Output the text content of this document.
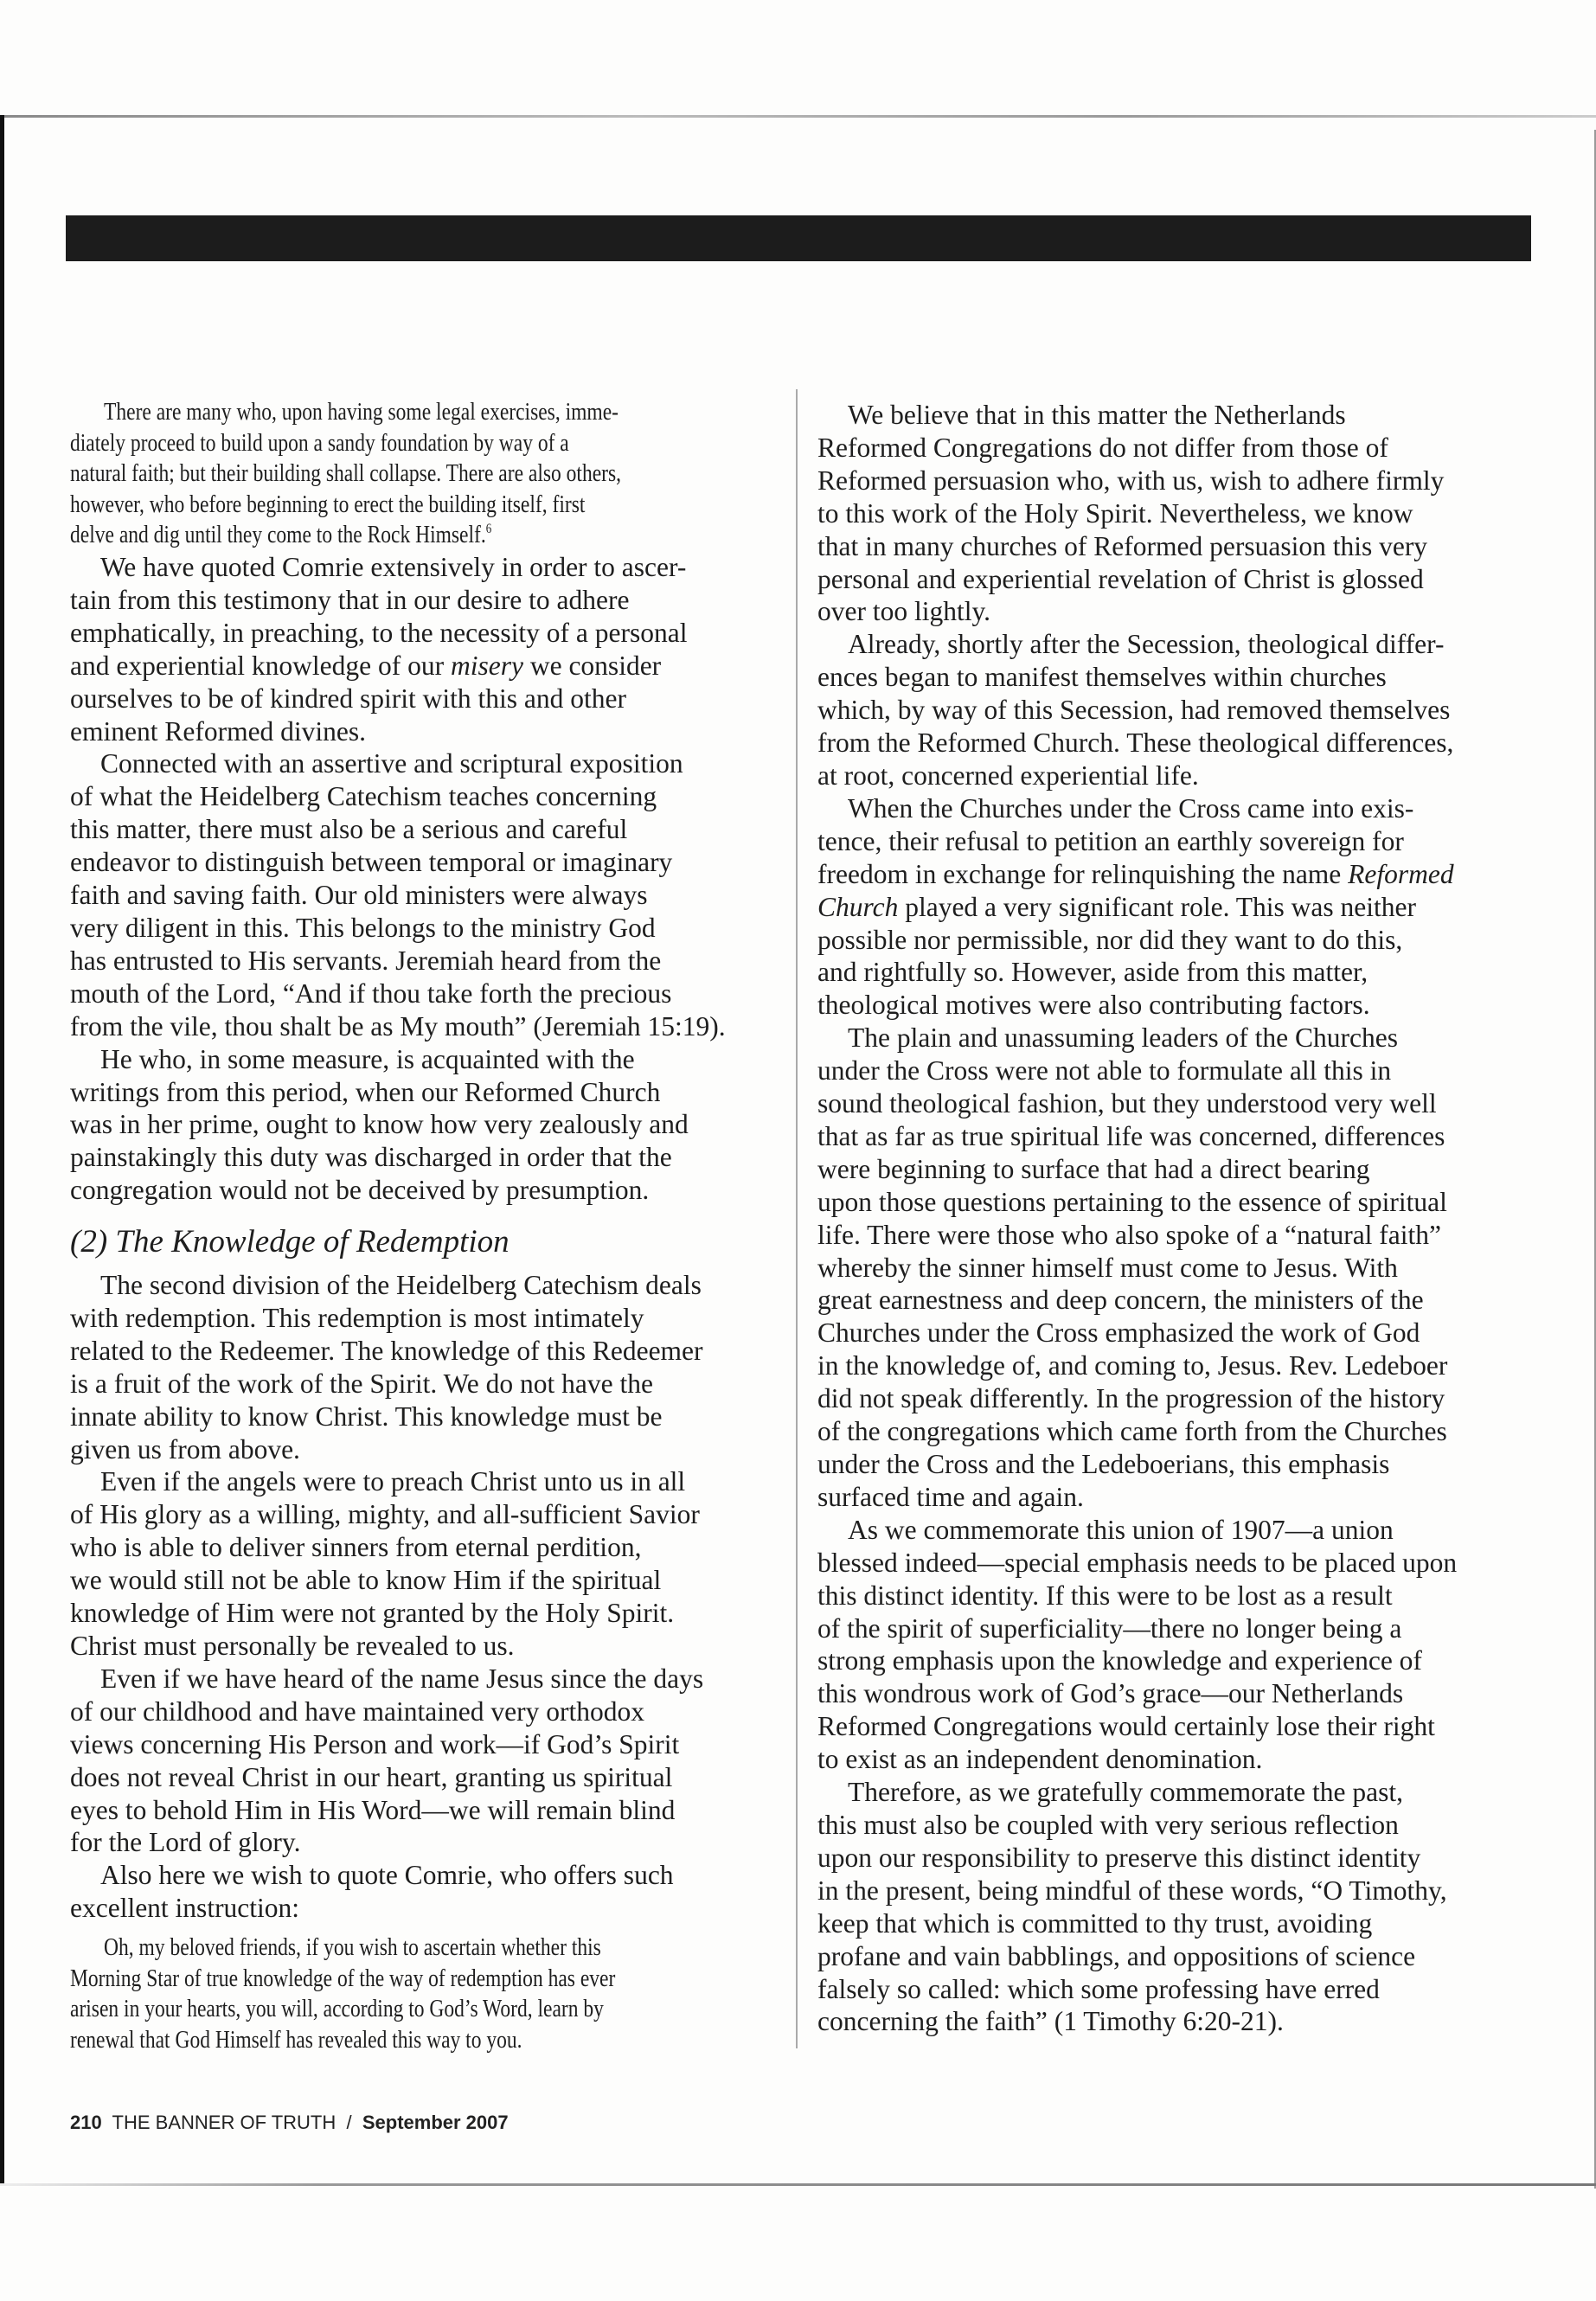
There are many who, upon having some legal exercises, imme-
diately proceed to build upon a sandy foundation by way of a
natural faith; but their building shall collapse. There are also others,
however, who before beginning to erect the building itself, first
delve and dig until they come to the Rock Himself.$^6$
We have quoted Comrie extensively in order to ascer-
tain from this testimony that in our desire to adhere
emphatically, in preaching, to the necessity of a personal
and experiential knowledge of our misery we consider
ourselves to be of kindred spirit with this and other
eminent Reformed divines.
Connected with an assertive and scriptural exposition
of what the Heidelberg Catechism teaches concerning
this matter, there must also be a serious and careful
endeavor to distinguish between temporal or imaginary
faith and saving faith. Our old ministers were always
very diligent in this. This belongs to the ministry God
has entrusted to His servants. Jeremiah heard from the
mouth of the Lord, “And if thou take forth the precious
from the vile, thou shalt be as My mouth” (Jeremiah 15:19).
He who, in some measure, is acquainted with the
writings from this period, when our Reformed Church
was in her prime, ought to know how very zealously and
painstakingly this duty was discharged in order that the
congregation would not be deceived by presumption.
(2) The Knowledge of Redemption
The second division of the Heidelberg Catechism deals
with redemption. This redemption is most intimately
related to the Redeemer. The knowledge of this Redeemer
is a fruit of the work of the Spirit. We do not have the
innate ability to know Christ. This knowledge must be
given us from above.
Even if the angels were to preach Christ unto us in all
of His glory as a willing, mighty, and all-sufficient Savior
who is able to deliver sinners from eternal perdition,
we would still not be able to know Him if the spiritual
knowledge of Him were not granted by the Holy Spirit.
Christ must personally be revealed to us.
Even if we have heard of the name Jesus since the days
of our childhood and have maintained very orthodox
views concerning His Person and work—if God’s Spirit
does not reveal Christ in our heart, granting us spiritual
eyes to behold Him in His Word—we will remain blind
for the Lord of glory.
Also here we wish to quote Comrie, who offers such
excellent instruction:
Oh, my beloved friends, if you wish to ascertain whether this
Morning Star of true knowledge of the way of redemption has ever
arisen in your hearts, you will, according to God’s Word, learn by
renewal that God Himself has revealed this way to you.
We believe that in this matter the Netherlands
Reformed Congregations do not differ from those of
Reformed persuasion who, with us, wish to adhere firmly
to this work of the Holy Spirit. Nevertheless, we know
that in many churches of Reformed persuasion this very
personal and experiential revelation of Christ is glossed
over too lightly.
Already, shortly after the Secession, theological differ-
ences began to manifest themselves within churches
which, by way of this Secession, had removed themselves
from the Reformed Church. These theological differences,
at root, concerned experiential life.
When the Churches under the Cross came into exis-
tence, their refusal to petition an earthly sovereign for
freedom in exchange for relinquishing the name Reformed
Church played a very significant role. This was neither
possible nor permissible, nor did they want to do this,
and rightfully so. However, aside from this matter,
theological motives were also contributing factors.
The plain and unassuming leaders of the Churches
under the Cross were not able to formulate all this in
sound theological fashion, but they understood very well
that as far as true spiritual life was concerned, differences
were beginning to surface that had a direct bearing
upon those questions pertaining to the essence of spiritual
life. There were those who also spoke of a “natural faith”
whereby the sinner himself must come to Jesus. With
great earnestness and deep concern, the ministers of the
Churches under the Cross emphasized the work of God
in the knowledge of, and coming to, Jesus. Rev. Ledeboer
did not speak differently. In the progression of the history
of the congregations which came forth from the Churches
under the Cross and the Ledeboerians, this emphasis
surfaced time and again.
As we commemorate this union of 1907—a union
blessed indeed—special emphasis needs to be placed upon
this distinct identity. If this were to be lost as a result
of the spirit of superficiality—there no longer being a
strong emphasis upon the knowledge and experience of
this wondrous work of God’s grace—our Netherlands
Reformed Congregations would certainly lose their right
to exist as an independent denomination.
Therefore, as we gratefully commemorate the past,
this must also be coupled with very serious reflection
upon our responsibility to preserve this distinct identity
in the present, being mindful of these words, “O Timothy,
keep that which is committed to thy trust, avoiding
profane and vain babblings, and oppositions of science
falsely so called: which some professing have erred
concerning the faith” (1 Timothy 6:20-21).
210 THE BANNER OF TRUTH / September 2007
